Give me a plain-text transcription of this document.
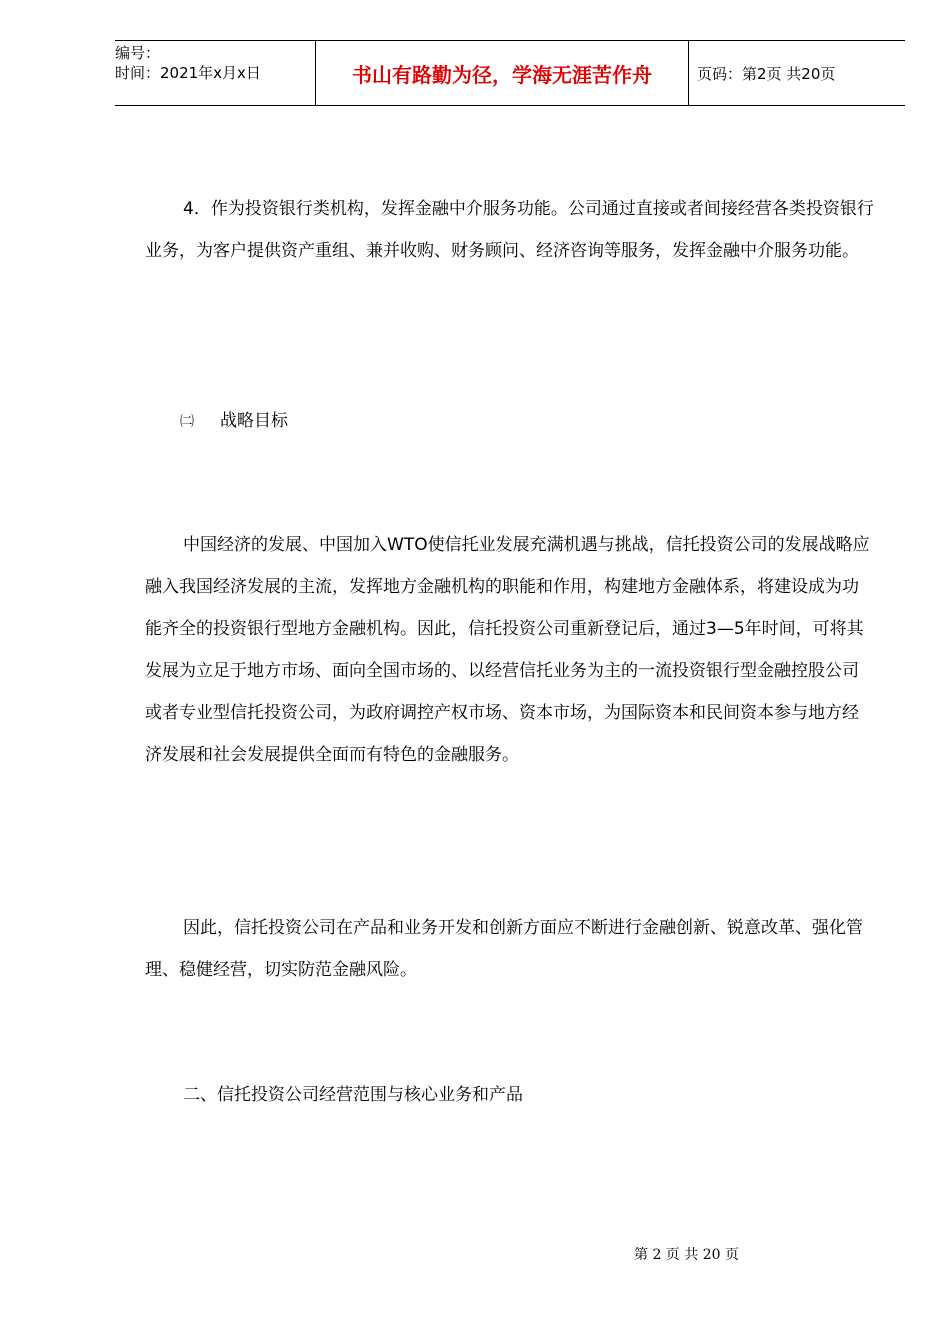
编号：
时间：2021年x月x日	书山有路勤为径，学海无涯苦作舟	页码：第2页 共20页

4．作为投资银行类机构，发挥金融中介服务功能。公司通过直接或者间接经营各类投资银行业务，为客户提供资产重组、兼并收购、财务顾问、经济咨询等服务，发挥金融中介服务功能。

㈡ 战略目标

中国经济的发展、中国加入WTO使信托业发展充满机遇与挑战，信托投资公司的发展战略应融入我国经济发展的主流，发挥地方金融机构的职能和作用，构建地方金融体系，将建设成为功能齐全的投资银行型地方金融机构。因此，信托投资公司重新登记后，通过3—5年时间，可将其发展为立足于地方市场、面向全国市场的、以经营信托业务为主的一流投资银行型金融控股公司或者专业型信托投资公司，为政府调控产权市场、资本市场，为国际资本和民间资本参与地方经济发展和社会发展提供全面而有特色的金融服务。

因此，信托投资公司在产品和业务开发和创新方面应不断进行金融创新、锐意改革、强化管理、稳健经营，切实防范金融风险。

二、信托投资公司经营范围与核心业务和产品
第 2 页 共 20 页
